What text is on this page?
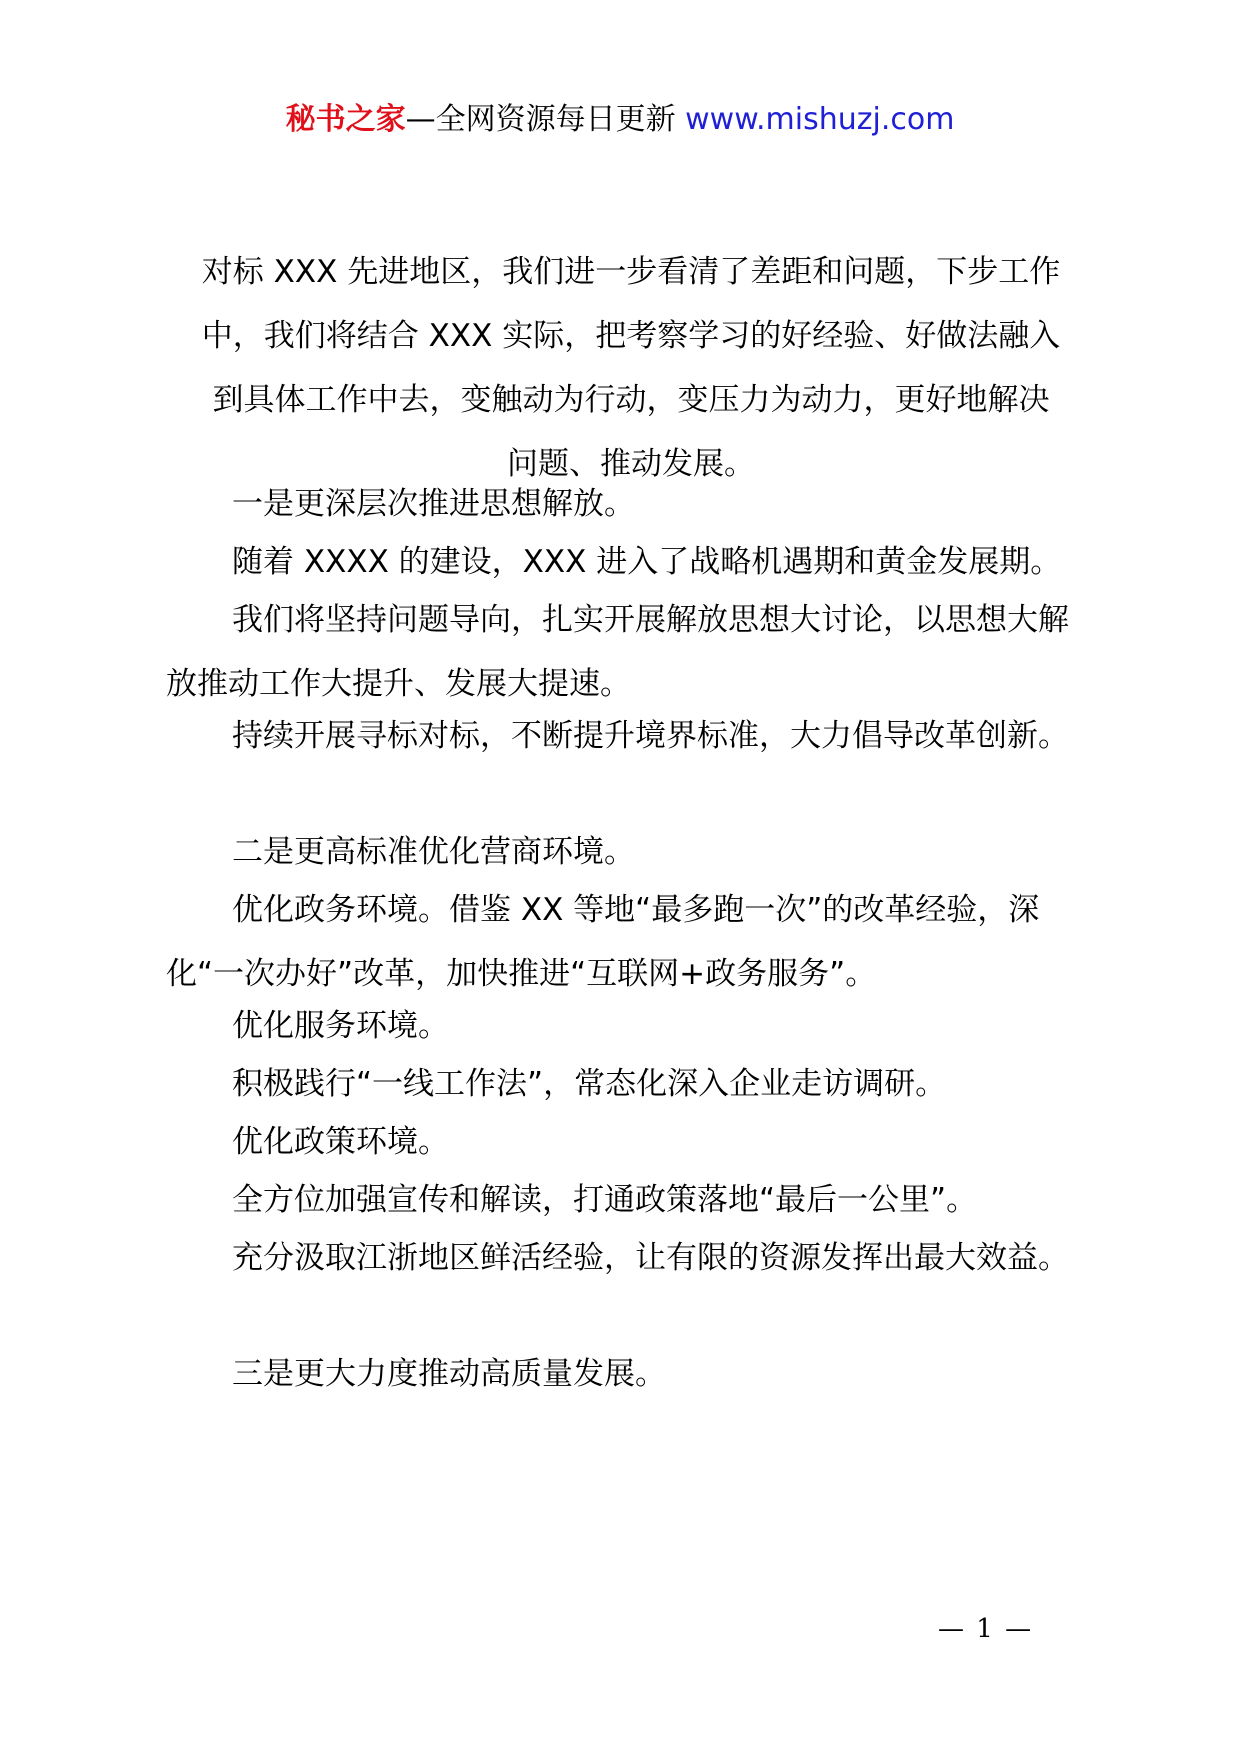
秘书之家—全网资源每日更新 www.mishuzj.com
对标 XXX 先进地区，我们进一步看清了差距和问题，下步工作
中，我们将结合 XXX 实际，把考察学习的好经验、好做法融入
到具体工作中去，变触动为行动，变压力为动力，更好地解决
问题、推动发展。
一是更深层次推进思想解放。
随着 XXXX 的建设，XXX 进入了战略机遇期和黄金发展期。
我们将坚持问题导向，扎实开展解放思想大讨论，以思想大解放推动工作大提升、发展大提速。
持续开展寻标对标，不断提升境界标准，大力倡导改革创新。
二是更高标准优化营商环境。
优化政务环境。借鉴 XX 等地“最多跑一次”的改革经验，深化“一次办好”改革，加快推进“互联网+政务服务”。
优化服务环境。
积极践行“一线工作法”，常态化深入企业走访调研。
优化政策环境。
全方位加强宣传和解读，打通政策落地“最后一公里”。
充分汲取江浙地区鲜活经验，让有限的资源发挥出最大效益。
三是更大力度推动高质量发展。
— 1 —
